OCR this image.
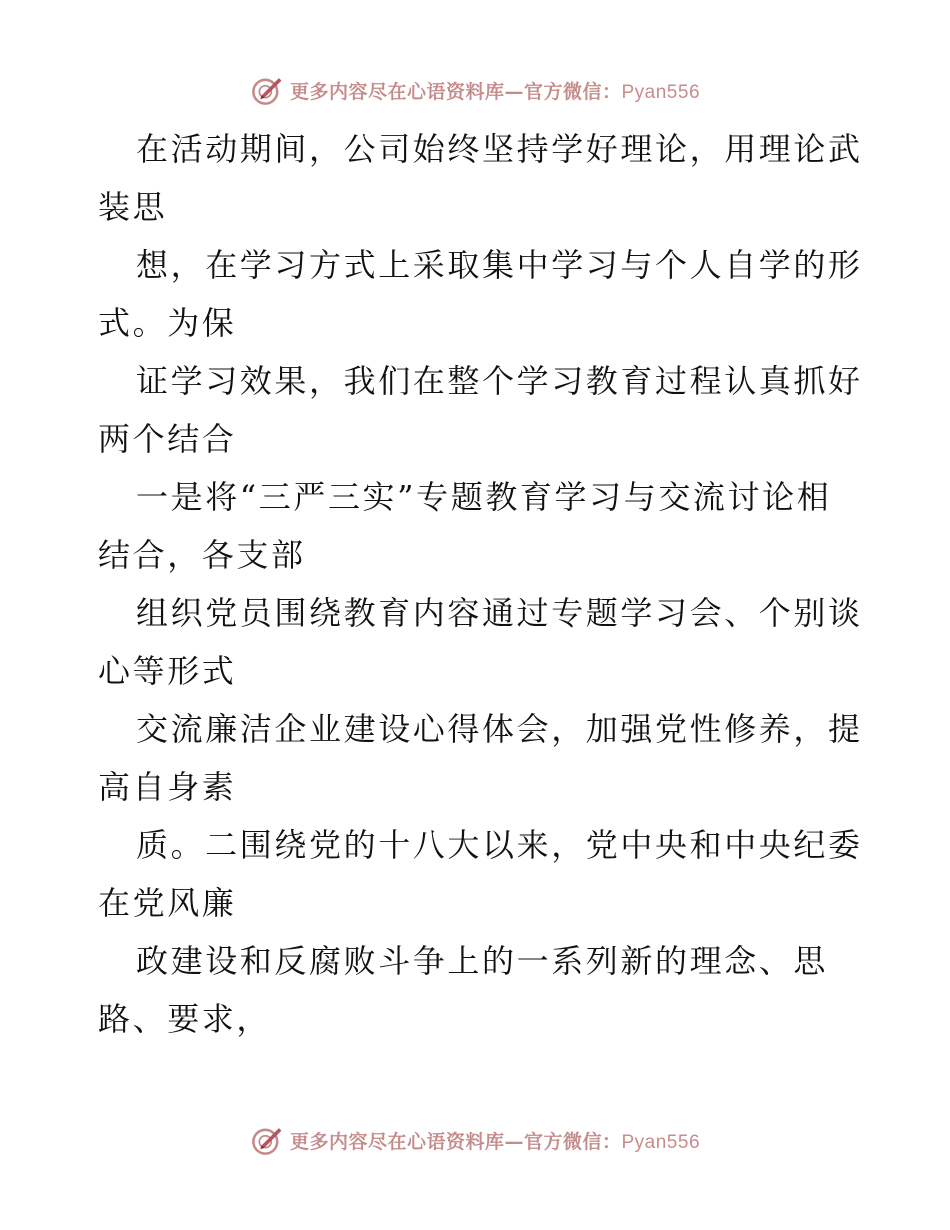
更多内容尽在心语资料库—官方微信：Pyan556
在活动期间，公司始终坚持学好理论，用理论武
装思
想，在学习方式上采取集中学习与个人自学的形
式。为保
证学习效果，我们在整个学习教育过程认真抓好
两个结合
一是将“三严三实”专题教育学习与交流讨论相
结合，各支部
组织党员围绕教育内容通过专题学习会、个别谈
心等形式
交流廉洁企业建设心得体会，加强党性修养，提
高自身素
质。二围绕党的十八大以来，党中央和中央纪委
在党风廉
政建设和反腐败斗争上的一系列新的理念、思
路、要求，
更多内容尽在心语资料库—官方微信：Pyan556
